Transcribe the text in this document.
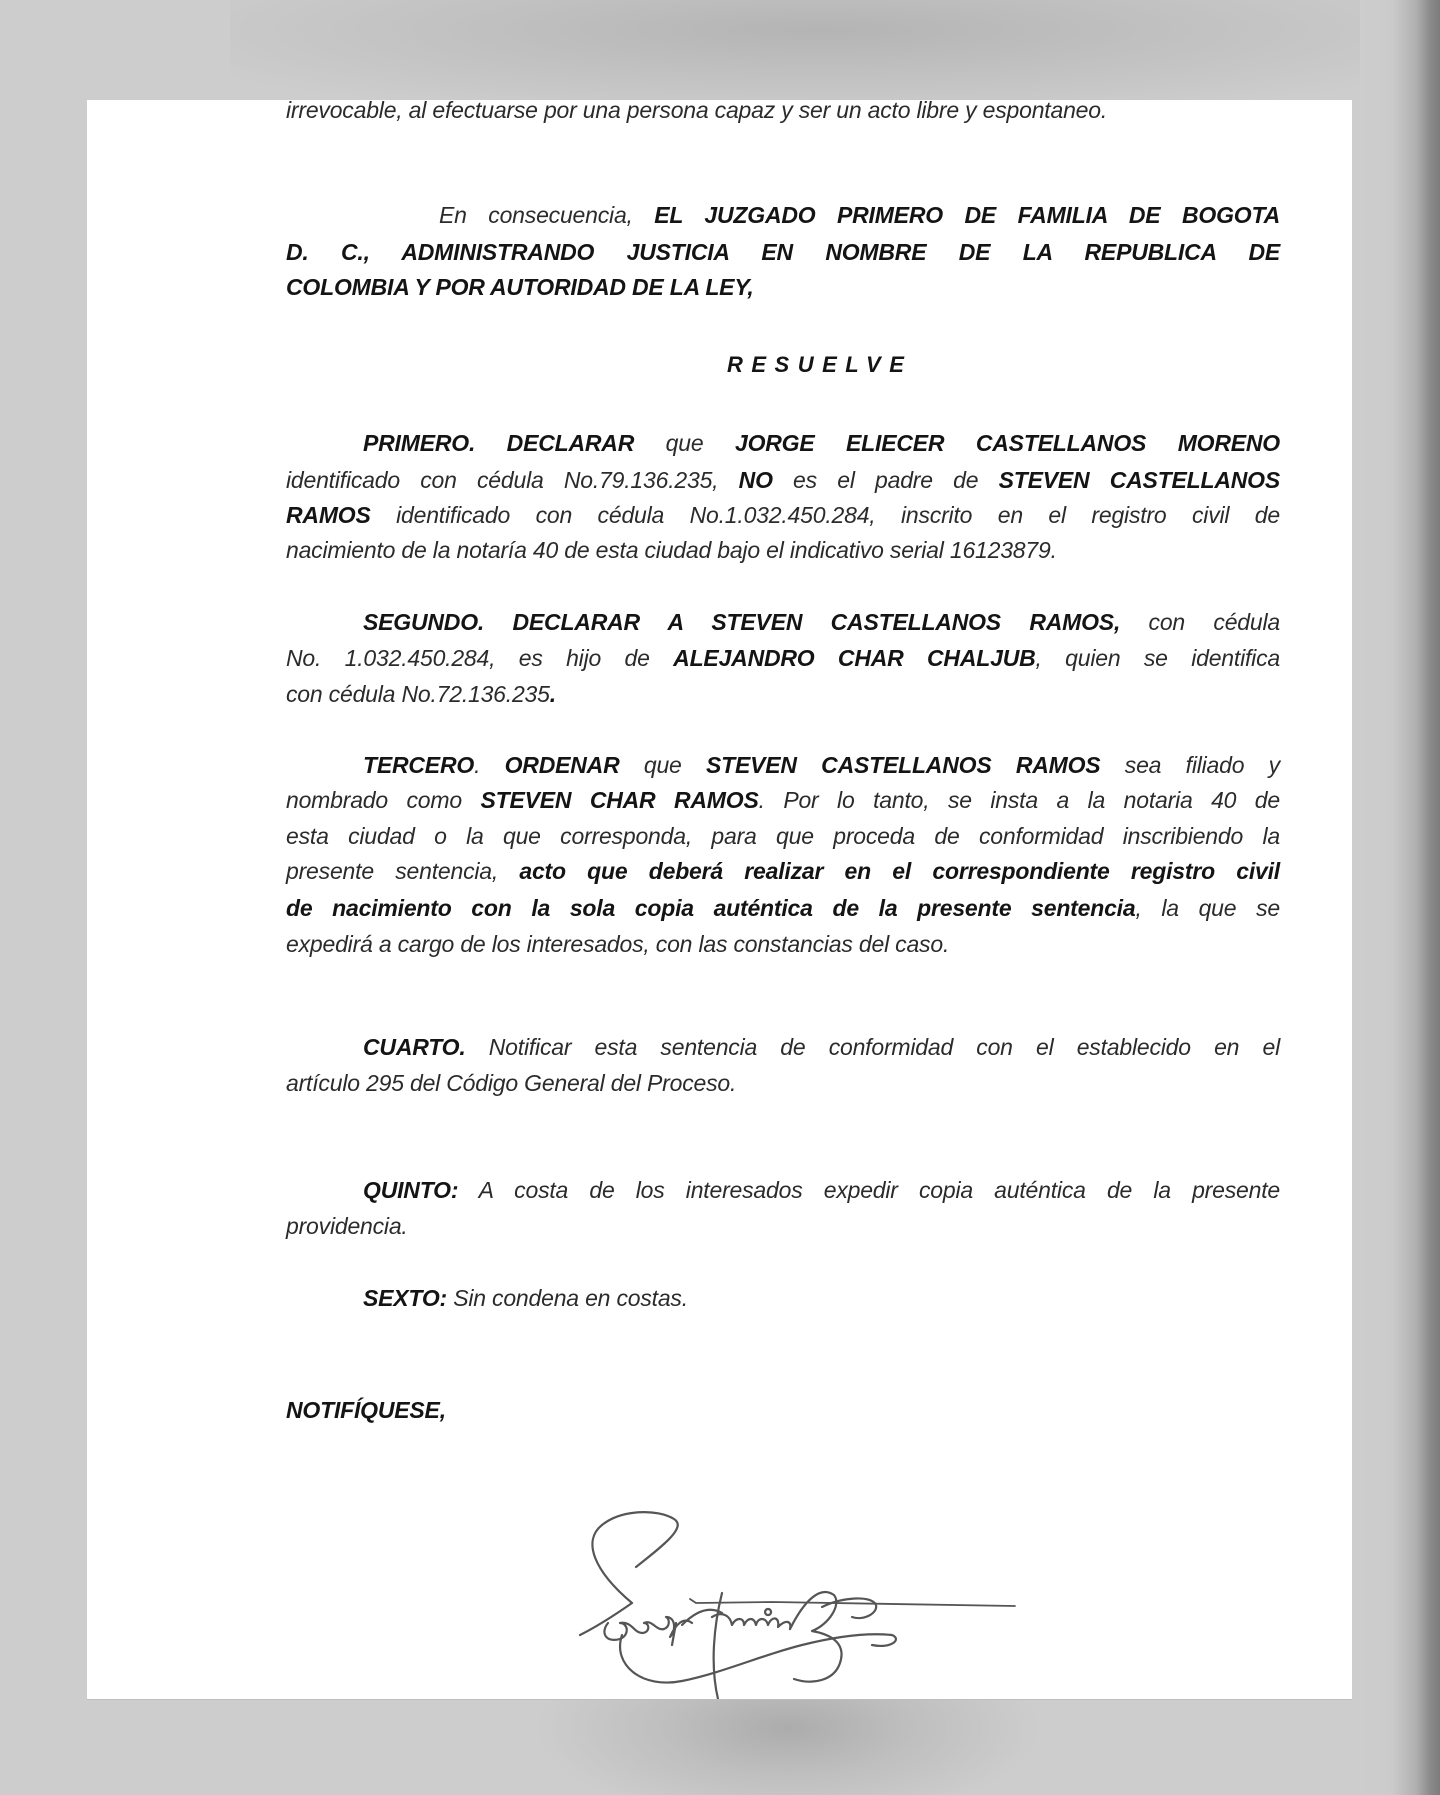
irrevocable, al efectuarse por una persona capaz y ser un acto libre y espontaneo.
En consecuencia, EL JUZGADO PRIMERO DE FAMILIA DE BOGOTA
D. C., ADMINISTRANDO JUSTICIA EN NOMBRE DE LA REPUBLICA DE
COLOMBIA Y POR AUTORIDAD DE LA LEY,
RESUELVE
PRIMERO. DECLARAR que JORGE ELIECER CASTELLANOS MORENO
identificado con cédula No.79.136.235, NO es el padre de STEVEN CASTELLANOS
RAMOS identificado con cédula No.1.032.450.284, inscrito en el registro civil de
nacimiento de la notaría 40 de esta ciudad bajo el indicativo serial 16123879.
SEGUNDO. DECLARAR A STEVEN CASTELLANOS RAMOS, con cédula
No. 1.032.450.284, es hijo de ALEJANDRO CHAR CHALJUB, quien se identifica
con cédula No.72.136.235.
TERCERO. ORDENAR que STEVEN CASTELLANOS RAMOS sea filiado y
nombrado como STEVEN CHAR RAMOS. Por lo tanto, se insta a la notaria 40 de
esta ciudad o la que corresponda, para que proceda de conformidad inscribiendo la
presente sentencia, acto que deberá realizar en el correspondiente registro civil
de nacimiento con la sola copia auténtica de la presente sentencia, la que se
expedirá a cargo de los interesados, con las constancias del caso.
CUARTO. Notificar esta sentencia de conformidad con el establecido en el
artículo 295 del Código General del Proceso.
QUINTO: A costa de los interesados expedir copia auténtica de la presente
providencia.
SEXTO: Sin condena en costas.
NOTIFÍQUESE,
